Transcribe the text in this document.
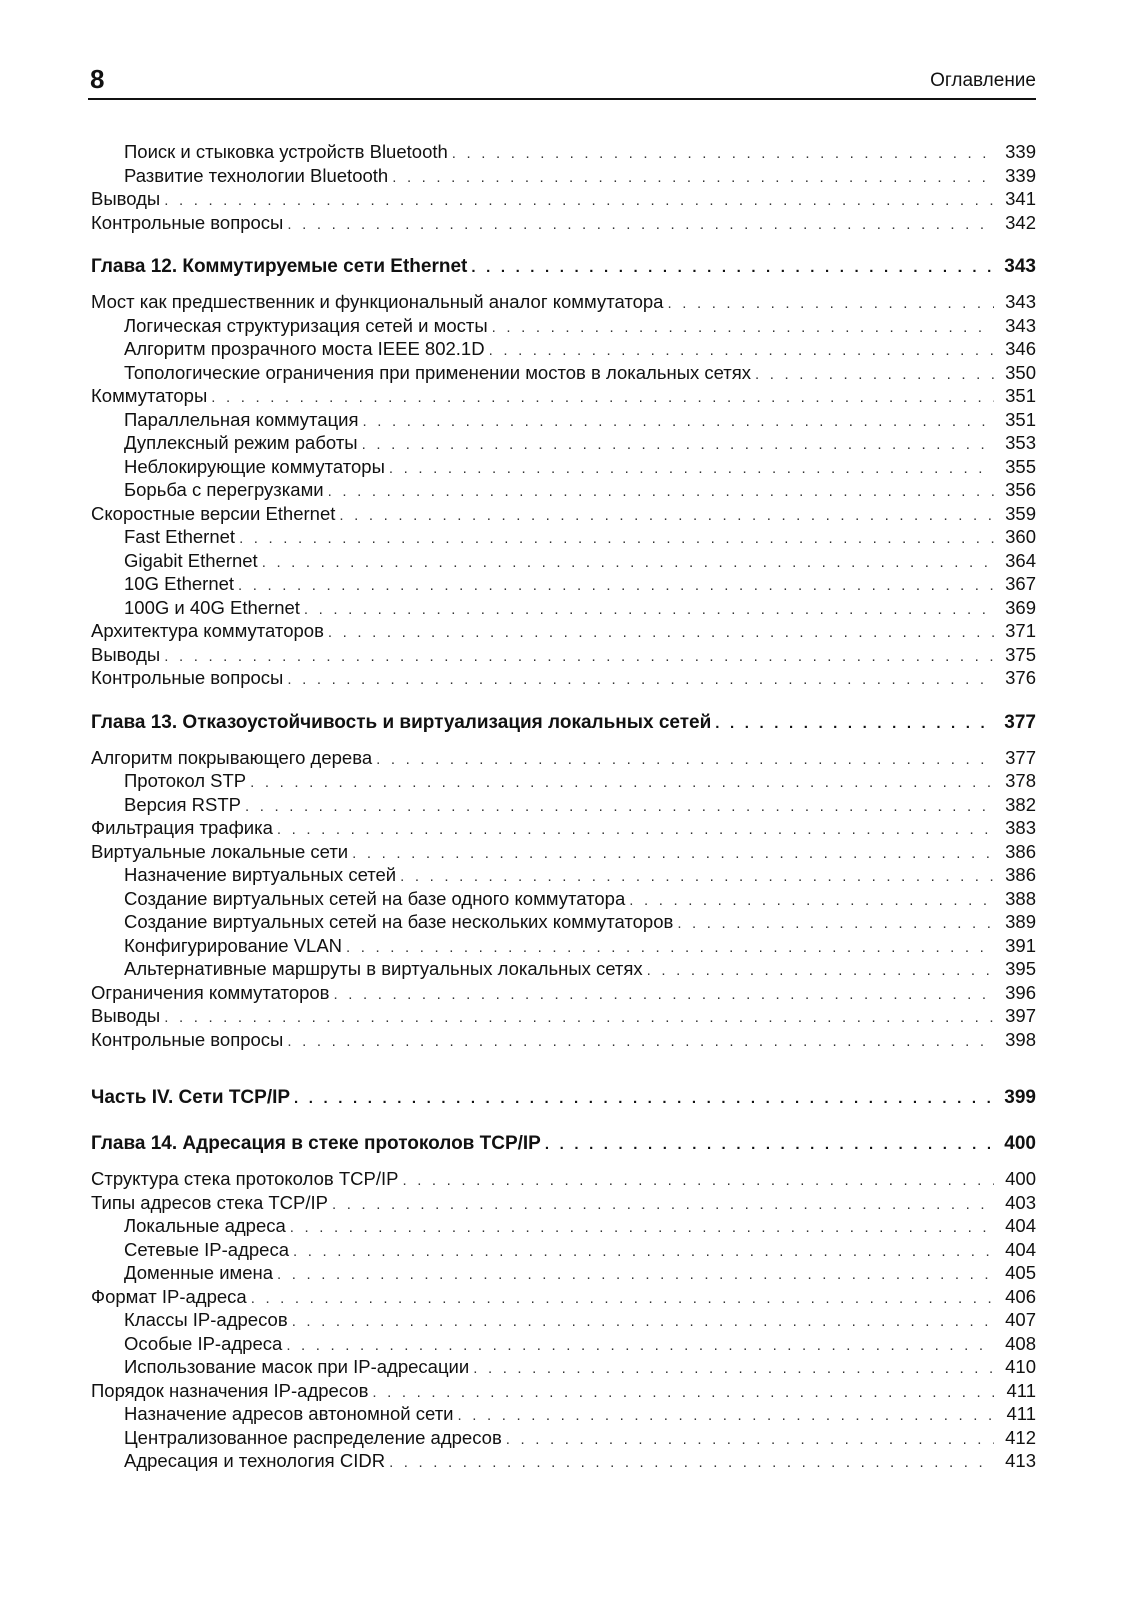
8	Оглавление
Поиск и стыковка устройств Bluetooth . . .	339
Развитие технологии Bluetooth . . .	339
Выводы . . .	341
Контрольные вопросы . . .	342
Глава 12. Коммутируемые сети Ethernet . . .	343
Мост как предшественник и функциональный аналог коммутатора . . .	343
Логическая структуризация сетей и мосты . . .	343
Алгоритм прозрачного моста IEEE 802.1D . . .	346
Топологические ограничения при применении мостов в локальных сетях . . .	350
Коммутаторы . . .	351
Параллельная коммутация . . .	351
Дуплексный режим работы . . .	353
Неблокирующие коммутаторы . . .	355
Борьба с перегрузками . . .	356
Скоростные версии Ethernet . . .	359
Fast Ethernet . . .	360
Gigabit Ethernet . . .	364
10G Ethernet . . .	367
100G и 40G Ethernet . . .	369
Архитектура коммутаторов . . .	371
Выводы . . .	375
Контрольные вопросы . . .	376
Глава 13. Отказоустойчивость и виртуализация локальных сетей . . .	377
Алгоритм покрывающего дерева . . .	377
Протокол STP . . .	378
Версия RSTP . . .	382
Фильтрация трафика . . .	383
Виртуальные локальные сети . . .	386
Назначение виртуальных сетей . . .	386
Создание виртуальных сетей на базе одного коммутатора . . .	388
Создание виртуальных сетей на базе нескольких коммутаторов . . .	389
Конфигурирование VLAN . . .	391
Альтернативные маршруты в виртуальных локальных сетях . . .	395
Ограничения коммутаторов . . .	396
Выводы . . .	397
Контрольные вопросы . . .	398
Часть IV. Сети TCP/IP . . .	399
Глава 14. Адресация в стеке протоколов TCP/IP . . .	400
Структура стека протоколов TCP/IP . . .	400
Типы адресов стека TCP/IP . . .	403
Локальные адреса . . .	404
Сетевые IP-адреса . . .	404
Доменные имена . . .	405
Формат IP-адреса . . .	406
Классы IP-адресов . . .	407
Особые IP-адреса . . .	408
Использование масок при IP-адресации . . .	410
Порядок назначения IP-адресов . . .	411
Назначение адресов автономной сети . . .	411
Централизованное распределение адресов . . .	412
Адресация и технология CIDR . . .	413
